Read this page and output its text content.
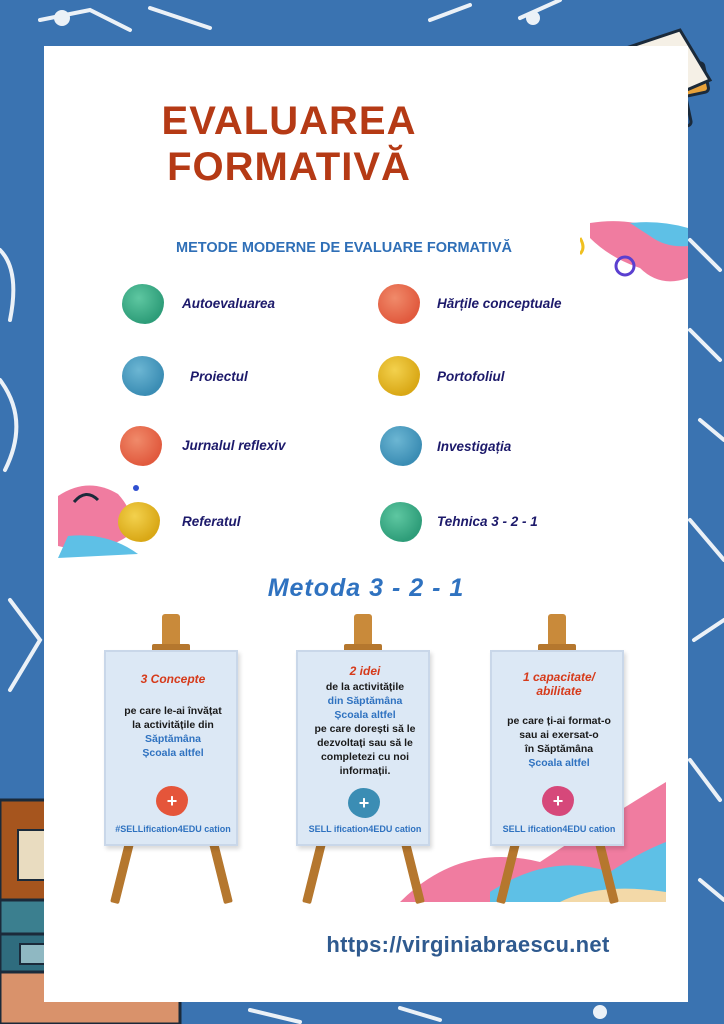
EVALUAREA
FORMATIVĂ
METODE MODERNE DE EVALUARE FORMATIVĂ
Autoevaluarea	Hărțile conceptuale
Proiectul	Portofoliul
Jurnalul reflexiv	Investigația
Referatul	Tehnica 3 - 2 - 1
Metoda 3 - 2 - 1
3 Concepte
pe care le-ai învățat
la activitățile din
Săptămâna
Școala altfel
+
#SELLification4EDU cation
2 idei
de la activitățile
din Săptămâna
Școala altfel
pe care dorești să le
dezvoltați sau să le
completezi cu noi
informații.
+
SELL ification4EDU cation
1 capacitate/
abilitate
pe care ți-ai format-o
sau ai exersat-o
în Săptămâna
Școala altfel
+
SELL ification4EDU cation
https://virginiabraescu.net
